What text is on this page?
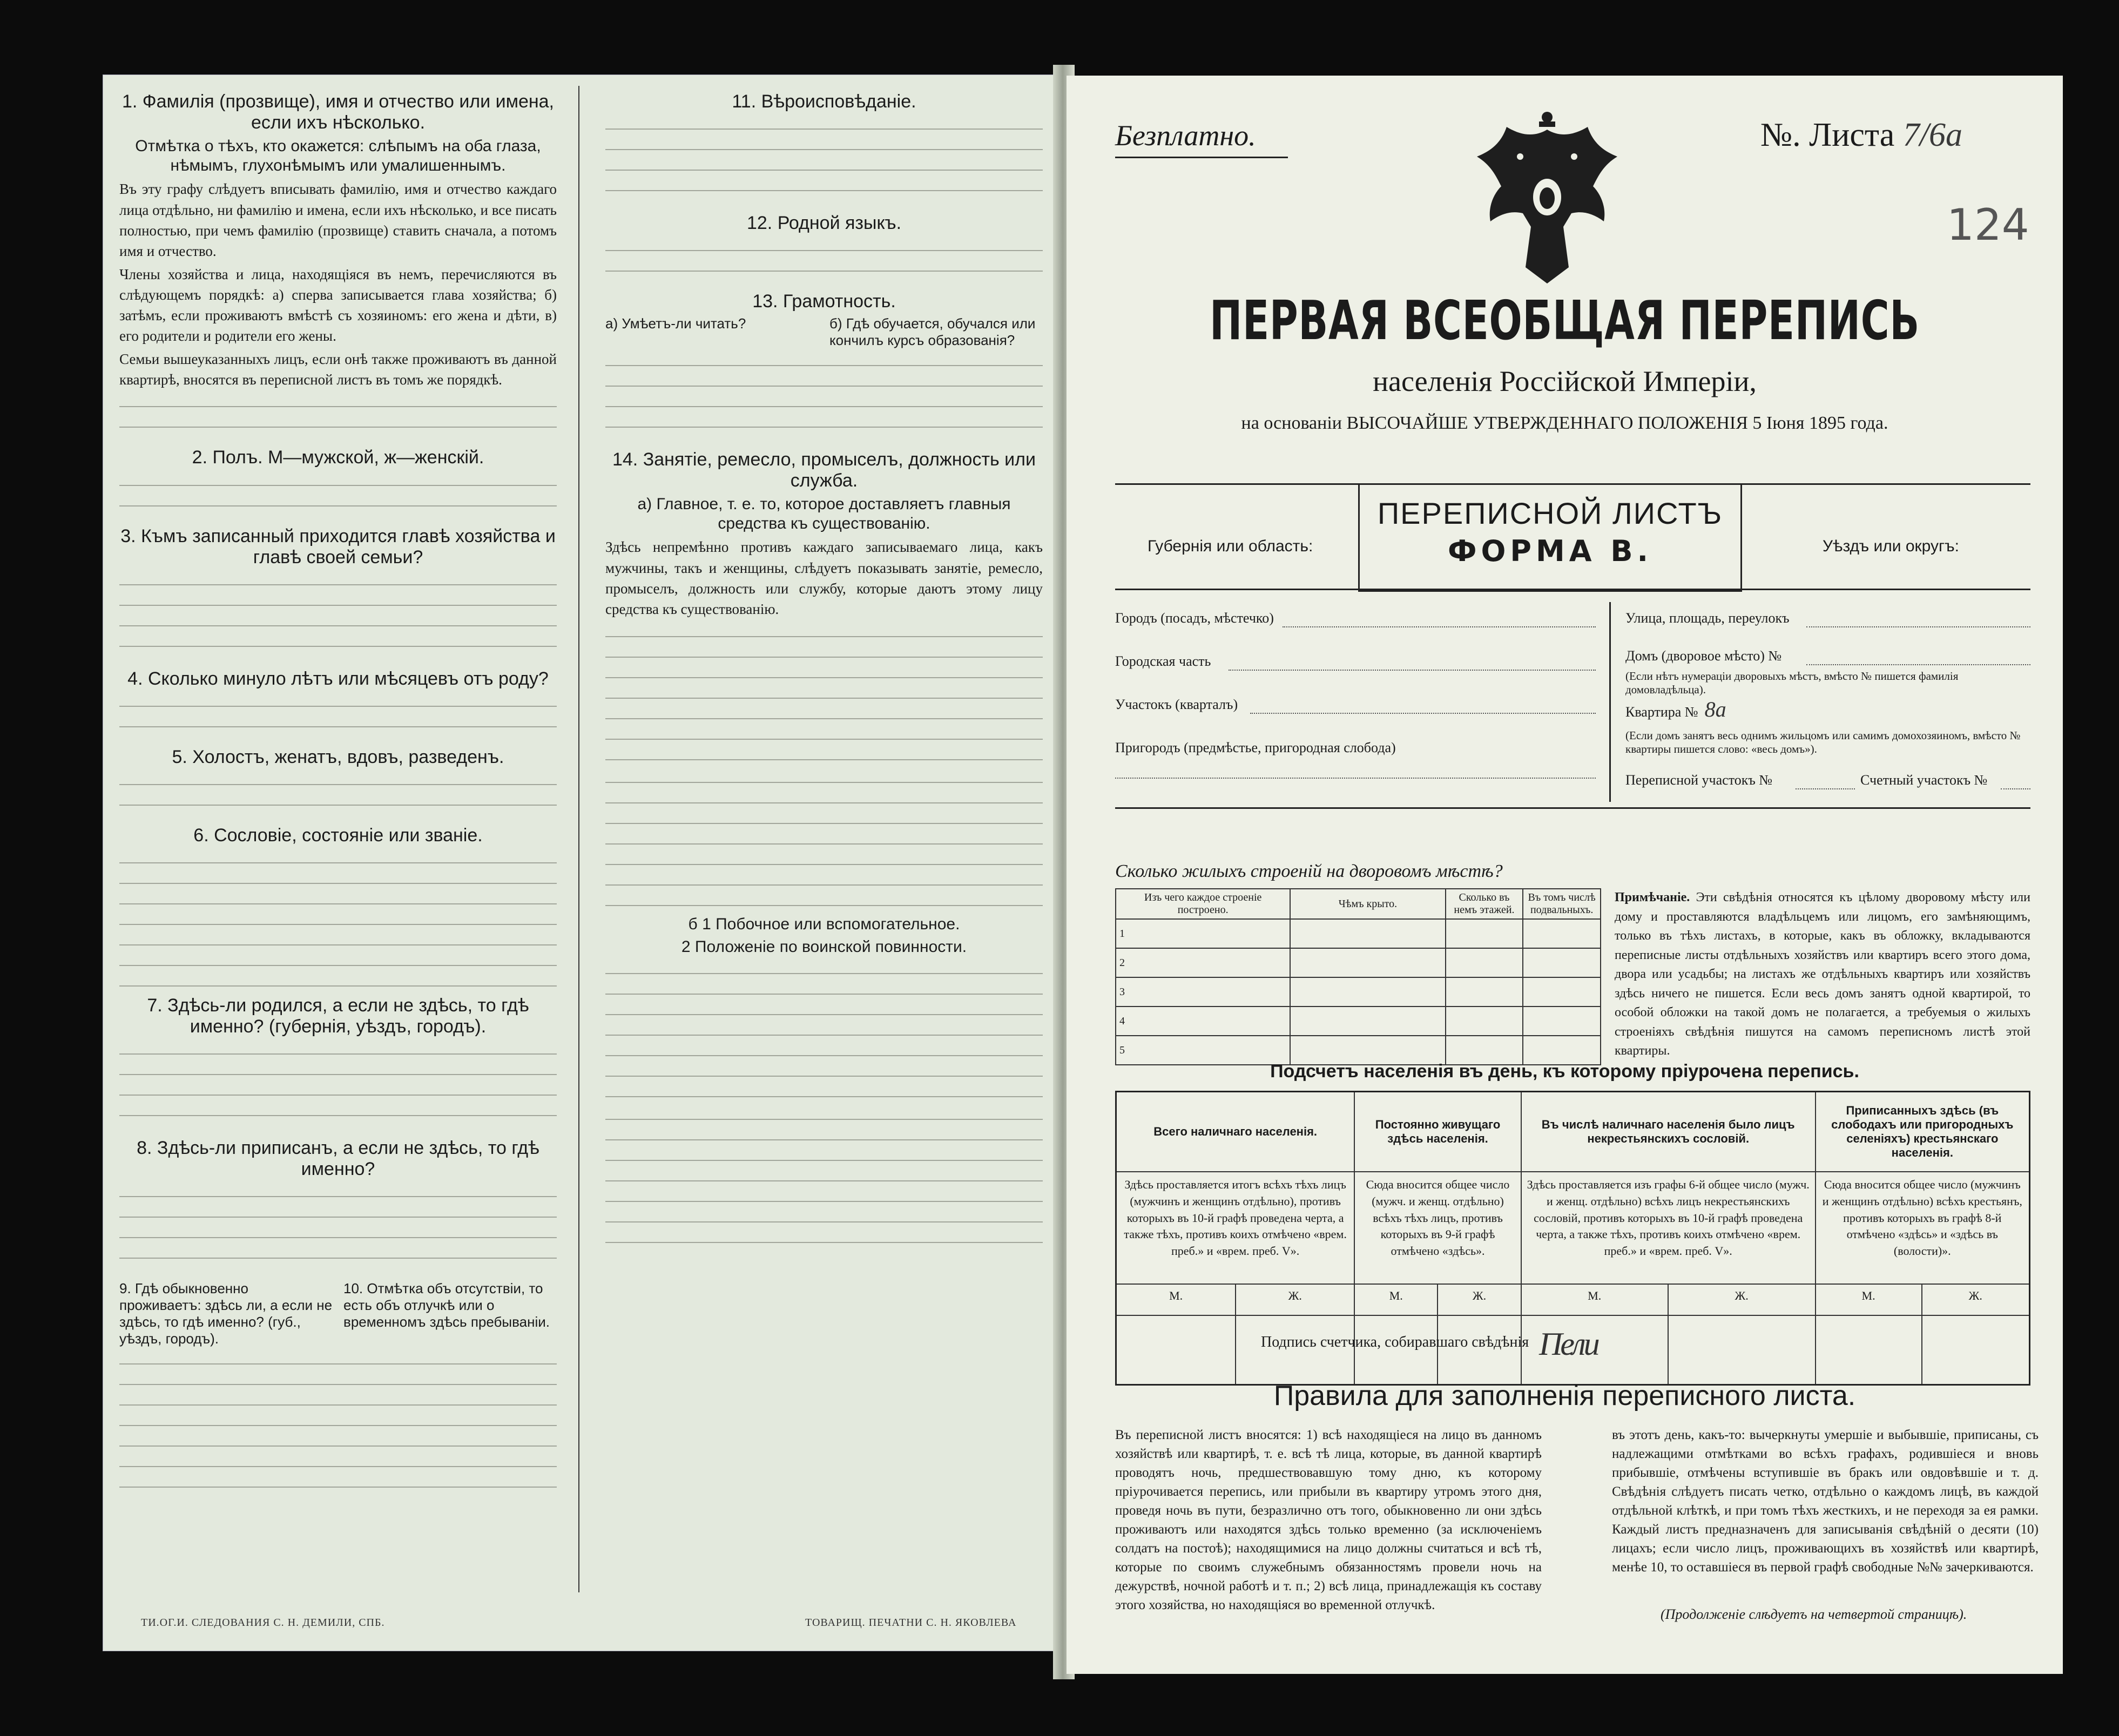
1. Фамилія (прозвище), имя и отчество или имена, если ихъ нѣсколько.
Отмѣтка о тѣхъ, кто окажется: слѣпымъ на оба глаза, нѣмымъ, глухонѣмымъ или умалишеннымъ.
Въ эту графу слѣдуетъ вписывать фамилію, имя и отчество каждаго лица отдѣльно, ни фамилію и имена, если ихъ нѣсколько, и все писать полностью, при чемъ фамилію (прозвище) ставить сначала, а потомъ имя и отчество.
Члены хозяйства и лица, находящіяся въ немъ, перечисляются въ слѣдующемъ порядкѣ: а) сперва записывается глава хозяйства; б) затѣмъ, если проживаютъ вмѣстѣ съ хозяиномъ: его жена и дѣти, в) его родители и родители его жены.
Семьи вышеуказанныхъ лицъ, если онѣ также проживаютъ въ данной квартирѣ, вносятся въ переписной листъ въ томъ же порядкѣ.
2. Полъ. М—мужской, ж—женскій.
3. Къмъ записанный приходится главѣ хозяйства и главѣ своей семьи?
4. Сколько минуло лѣтъ или мѣсяцевъ отъ роду?
5. Холостъ, женатъ, вдовъ, разведенъ.
6. Сословіе, состояніе или званіе.
7. Здѣсь-ли родился, а если не здѣсь, то гдѣ именно? (губернія, уѣздъ, городъ).
8. Здѣсь-ли приписанъ, а если не здѣсь, то гдѣ именно?
9. Гдѣ обыкновенно проживаетъ: здѣсь ли, а если не здѣсь, то гдѣ именно? (губ., уѣздъ, городъ).
10. Отмѣтка объ отсутствіи, то есть объ отлучкѣ или о временномъ здѣсь пребываніи.
11. Вѣроисповѣданіе.
12. Родной языкъ.
13. Грамотность.
а) Умѣетъ-ли читать?	б) Гдѣ обучается, обучался или кончилъ курсъ образованія?
14. Занятіе, ремесло, промыселъ, должность или служба.
а) Главное, т. е. то, которое доставляетъ главныя средства къ существованію.
Здѣсь непремѣнно противъ каждаго записываемаго лица, какъ мужчины, такъ и женщины, слѣдуетъ показывать занятіе, ремесло, промыселъ, должность или службу, которые даютъ этому лицу средства къ существованію.
б 1 Побочное или вспомогательное.
2 Положеніе по воинской повинности.
ТИ.ОГ.И. СЛЕДОВАНИЯ С. Н. ДЕМИЛИ, СПБ.	ТОВАРИЩ. ПЕЧАТНИ С. Н. ЯКОВЛЕВА
Безплатно.	№. Листа 7/6а
124
ПЕРВАЯ ВСЕОБЩАЯ ПЕРЕПИСЬ
населенія Россійской Имперіи,
на основаніи ВЫСОЧАЙШЕ УТВЕРЖДЕННАГО ПОЛОЖЕНІЯ 5 Іюня 1895 года.
Губернія или область:	Уѣздъ или округъ:
ПЕРЕПИСНОЙ ЛИСТЪ
ФОРМА В.
Городъ (посадъ, мѣстечко)
Городская часть
Участокъ (кварталъ)
Пригородъ (предмѣстье, пригородная слобода)
Улица, площадь, переулокъ
Домъ (дворовое мѣсто) №
(Если нѣтъ нумераціи дворовыхъ мѣстъ, вмѣсто № пишется фамилія домовладѣльца).
Квартира № 8а
(Если домъ занятъ весь однимъ жильцомъ или самимъ домохозяиномъ, вмѣсто № квартиры пишется слово: «весь домъ»).
Переписной участокъ №	Счетный участокъ №
Сколько жилыхъ строеній на дворовомъ мѣстѣ?
Изъ чего каждое строеніе построено.	Чѣмъ крыто.	Сколько въ немъ этажей.	Въ томъ числѣ подвальныхъ.
1			
2			
3			
4			
5			
Примѣчаніе. Эти свѣдѣнія относятся къ цѣлому дворовому мѣсту или дому и проставляются владѣльцемъ или лицомъ, его замѣняющимъ, только въ тѣхъ листахъ, в которые, какъ въ обложку, вкладываются переписные листы отдѣльныхъ хозяйствъ или квартиръ всего этого дома, двора или усадьбы; на листахъ же отдѣльныхъ квартиръ или хозяйствъ здѣсь ничего не пишется. Если весь домъ занятъ одной квартирой, то особой обложки на такой домъ не полагается, а требуемыя о жилыхъ строеніяхъ свѣдѣнія пишутся на самомъ переписномъ листѣ этой квартиры.
Подсчетъ населенія въ день, къ которому пріурочена перепись.
Всего наличнаго населенія.		Постоянно живущаго здѣсь населенія.		Въ числѣ наличнаго населенія было лицъ некрестьянскихъ сословій.		Приписанныхъ здѣсь (въ слободахъ или пригородныхъ селеніяхъ) крестьянскаго населенія.	
Здѣсь проставляется итогъ всѣхъ тѣхъ лицъ (мужчинъ и женщинъ отдѣльно), противъ которыхъ въ 10-й графѣ проведена черта, а также тѣхъ, противъ коихъ отмѣчено «врем. преб.» и «врем. преб. V».		Сюда вносится общее число (мужч. и женщ. отдѣльно) всѣхъ тѣхъ лицъ, противъ которыхъ въ 9-й графѣ отмѣчено «здѣсь».		Здѣсь проставляется изъ графы 6-й общее число (мужч. и женщ. отдѣльно) всѣхъ лицъ некрестьянскихъ сословій, противъ которыхъ въ 10-й графѣ проведена черта, а также тѣхъ, противъ коихъ отмѣчено «врем. преб.» и «врем. преб. V».		Сюда вносится общее число (мужчинъ и женщинъ отдѣльно) всѣхъ крестьянъ, противъ которыхъ въ графѣ 8-й отмѣчено «здѣсь» и «здѣсь въ (волости)».	
М.	Ж.	М.	Ж.	М.	Ж.	М.	Ж.

Подпись счетчика, собиравшаго свѣдѣнія Пели
Правила для заполненія переписного листа.
Въ переписной листъ вносятся: 1) всѣ находящіеся на лицо въ данномъ хозяйствѣ или квартирѣ, т. е. всѣ тѣ лица, которые, въ данной квартирѣ проводятъ ночь, предшествовавшую тому дню, къ которому пріурочивается перепись, или прибыли въ квартиру утромъ этого дня, проведя ночь въ пути, безразлично отъ того, обыкновенно ли они здѣсь проживаютъ или находятся здѣсь только временно (за исключеніемъ солдатъ на постоѣ); находящимися на лицо должны считаться и всѣ тѣ, которые по своимъ служебнымъ обязанностямъ провели ночь на дежурствѣ, ночной работѣ и т. п.; 2) всѣ лица, принадлежащія къ составу этого хозяйства, но находящіяся во временной отлучкѣ.
въ этотъ день, какъ-то: вычеркнуты умершіе и выбывшіе, приписаны, съ надлежащими отмѣтками во всѣхъ графахъ, родившіеся и вновь прибывшіе, отмѣчены вступившіе въ бракъ или овдовѣвшіе и т. д. Свѣдѣнія слѣдуетъ писать четко, отдѣльно о каждомъ лицѣ, въ каждой отдѣльной клѣткѣ, и при томъ тѣхъ жесткихъ, и не переходя за ея рамки. Каждый листъ предназначенъ для записыванія свѣдѣній о десяти (10) лицахъ; если число лицъ, проживающихъ въ хозяйствѣ или квартирѣ, менѣе 10, то оставшіеся въ первой графѣ свободные №№ зачеркиваются.
(Продолженіе слѣдуетъ на четвертой страницѣ).
